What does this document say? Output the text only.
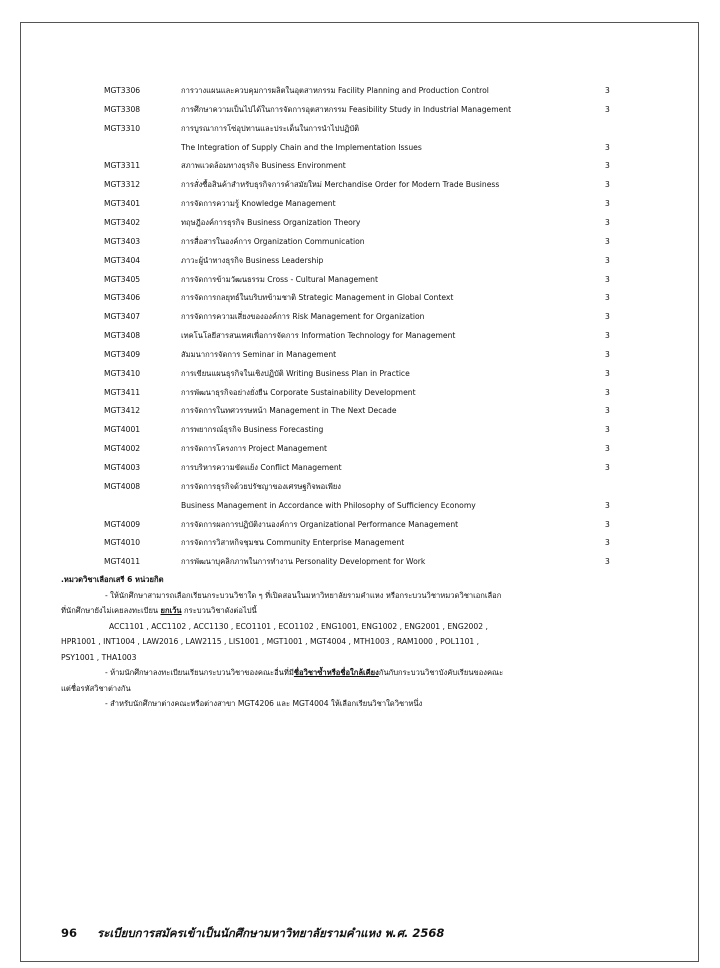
MGT3306	การวางแผนและควบคุมการผลิตในอุตสาหกรรม Facility Planning and Production Control	3
MGT3308	การศึกษาความเป็นไปได้ในการจัดการอุตสาหกรรม Feasibility Study in Industrial Management	3
MGT3310	การบูรณาการโซ่อุปทานและประเด็นในการนำไปปฏิบัติ
The Integration of Supply Chain and the Implementation Issues	3
MGT3311	สภาพแวดล้อมทางธุรกิจ Business Environment	3
MGT3312	การสั่งซื้อสินค้าสำหรับธุรกิจการค้าสมัยใหม่ Merchandise Order for Modern Trade Business	3
MGT3401	การจัดการความรู้ Knowledge Management	3
MGT3402	ทฤษฎีองค์การธุรกิจ Business Organization Theory	3
MGT3403	การสื่อสารในองค์การ Organization Communication	3
MGT3404	ภาวะผู้นำทางธุรกิจ Business Leadership	3
MGT3405	การจัดการข้ามวัฒนธรรม Cross - Cultural Management	3
MGT3406	การจัดการกลยุทธ์ในบริบทข้ามชาติ Strategic Management in Global Context	3
MGT3407	การจัดการความเสี่ยงขององค์การ Risk Management for Organization	3
MGT3408	เทคโนโลยีสารสนเทศเพื่อการจัดการ Information Technology for Management	3
MGT3409	สัมมนาการจัดการ Seminar in Management	3
MGT3410	การเขียนแผนธุรกิจในเชิงปฏิบัติ Writing Business Plan in Practice	3
MGT3411	การพัฒนาธุรกิจอย่างยั่งยืน Corporate Sustainability Development	3
MGT3412	การจัดการในทศวรรษหน้า Management in The Next Decade	3
MGT4001	การพยากรณ์ธุรกิจ Business Forecasting	3
MGT4002	การจัดการโครงการ Project Management	3
MGT4003	การบริหารความขัดแย้ง Conflict Management	3
MGT4008	การจัดการธุรกิจด้วยปรัชญาของเศรษฐกิจพอเพียง
Business Management in Accordance with Philosophy of Sufficiency Economy	3
MGT4009	การจัดการผลการปฏิบัติงานองค์การ Organizational Performance Management	3
MGT4010	การจัดการวิสาหกิจชุมชน Community Enterprise Management	3
MGT4011	การพัฒนาบุคลิกภาพในการทำงาน Personality Development for Work	3
.หมวดวิชาเลือกเสรี 6 หน่วยกิต

- ให้นักศึกษาสามารถเลือกเรียนกระบวนวิชาใด ๆ ที่เปิดสอนในมหาวิทยาลัยรามคำแหง หรือกระบวนวิชาหมวดวิชาเอกเลือก

ที่นักศึกษายังไม่เคยลงทะเบียน ยกเว้น กระบวนวิชาดังต่อไปนี้

ACC1101 , ACC1102 , ACC1130 , ECO1101 , ECO1102 , ENG1001, ENG1002 , ENG2001 , ENG2002 ,

HPR1001 , INT1004 , LAW2016 , LAW2115 , LIS1001 , MGT1001 , MGT4004 , MTH1003 , RAM1000 , POL1101 ,

PSY1001 , THA1003

- ห้ามนักศึกษาลงทะเบียนเรียนกระบวนวิชาของคณะอื่นที่มีชื่อวิชาซ้ำหรือชื่อใกล้เคียงกันกับกระบวนวิชาบังคับเรียนของคณะ

แต่ชื่อรหัสวิชาต่างกัน

- สำหรับนักศึกษาต่างคณะหรือต่างสาขา MGT4206 และ MGT4004 ให้เลือกเรียนวิชาใดวิชาหนึ่ง

96 ระเบียบการสมัครเข้าเป็นนักศึกษามหาวิทยาลัยรามคำแหง พ.ศ. 2568
